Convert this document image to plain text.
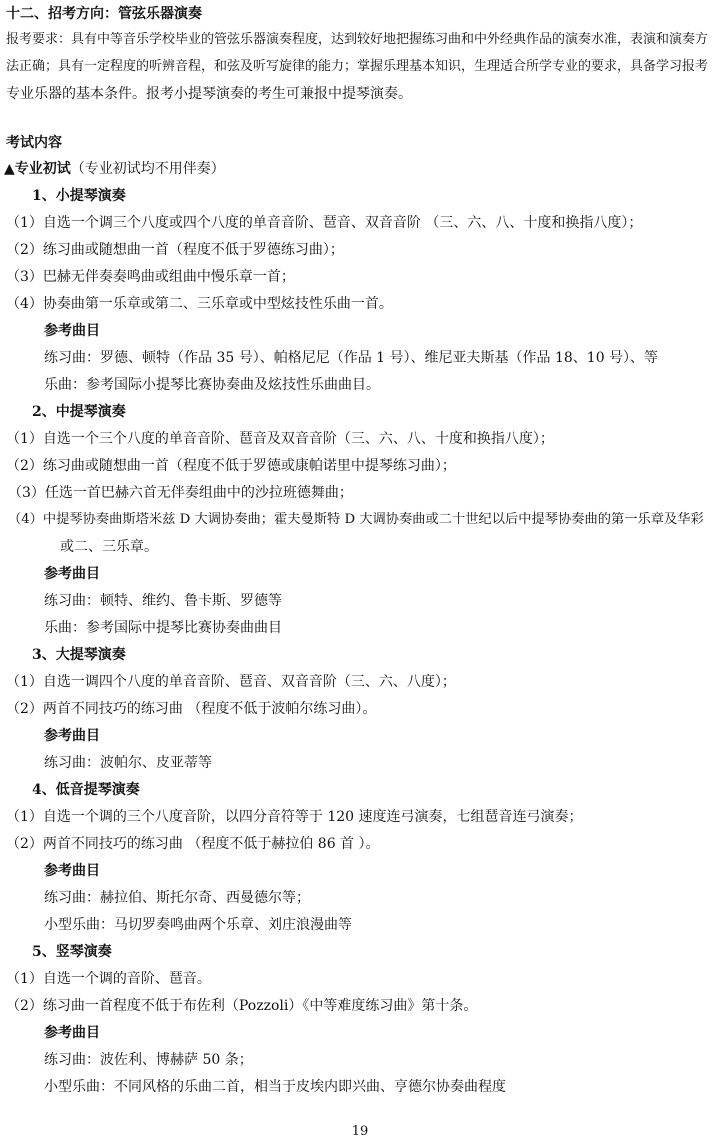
十二、招考方向：管弦乐器演奏
报考要求：具有中等音乐学校毕业的管弦乐器演奏程度，达到较好地把握练习曲和中外经典作品的演奏水准，表演和演奏方
法正确；具有一定程度的听辨音程，和弦及听写旋律的能力；掌握乐理基本知识，生理适合所学专业的要求，具备学习报考
专业乐器的基本条件。报考小提琴演奏的考生可兼报中提琴演奏。
考试内容
▲专业初试（专业初试均不用伴奏）
1、小提琴演奏
（1）自选一个调三个八度或四个八度的单音音阶、琶音、双音音阶 （三、六、八、十度和换指八度）；
（2）练习曲或随想曲一首（程度不低于罗德练习曲）；
（3）巴赫无伴奏奏鸣曲或组曲中慢乐章一首；
（4）协奏曲第一乐章或第二、三乐章或中型炫技性乐曲一首。
参考曲目
练习曲：罗德、顿特（作品 35 号）、帕格尼尼（作品 1 号）、维尼亚夫斯基（作品 18、10 号）、等
乐曲：参考国际小提琴比赛协奏曲及炫技性乐曲曲目。
2、中提琴演奏
（1）自选一个三个八度的单音音阶、琶音及双音音阶（三、六、八、十度和换指八度）；
（2）练习曲或随想曲一首（程度不低于罗德或康帕诺里中提琴练习曲）；
（3）任选一首巴赫六首无伴奏组曲中的沙拉班德舞曲；
（4）中提琴协奏曲斯塔米兹 D 大调协奏曲；霍夫曼斯特 D 大调协奏曲或二十世纪以后中提琴协奏曲的第一乐章及华彩
或二、三乐章。
参考曲目
练习曲：顿特、维约、鲁卡斯、罗德等
乐曲：参考国际中提琴比赛协奏曲曲目
3、大提琴演奏
（1）自选一调四个八度的单音音阶、琶音、双音音阶（三、六、八度）；
（2）两首不同技巧的练习曲 （程度不低于波帕尔练习曲）。
参考曲目
练习曲：波帕尔、皮亚蒂等
4、低音提琴演奏
（1）自选一个调的三个八度音阶，以四分音符等于 120 速度连弓演奏，七组琶音连弓演奏；
（2）两首不同技巧的练习曲 （程度不低于赫拉伯 86 首 ）。
参考曲目
练习曲：赫拉伯、斯托尔奇、西曼德尔等；
小型乐曲：马切罗奏鸣曲两个乐章、刘庄浪漫曲等
5、竖琴演奏
（1）自选一个调的音阶、琶音。
（2）练习曲一首程度不低于布佐利（Pozzoli）《中等难度练习曲》第十条。
参考曲目
练习曲：波佐利、博赫萨 50 条；
小型乐曲：不同风格的乐曲二首，相当于皮埃内即兴曲、亨德尔协奏曲程度
19
